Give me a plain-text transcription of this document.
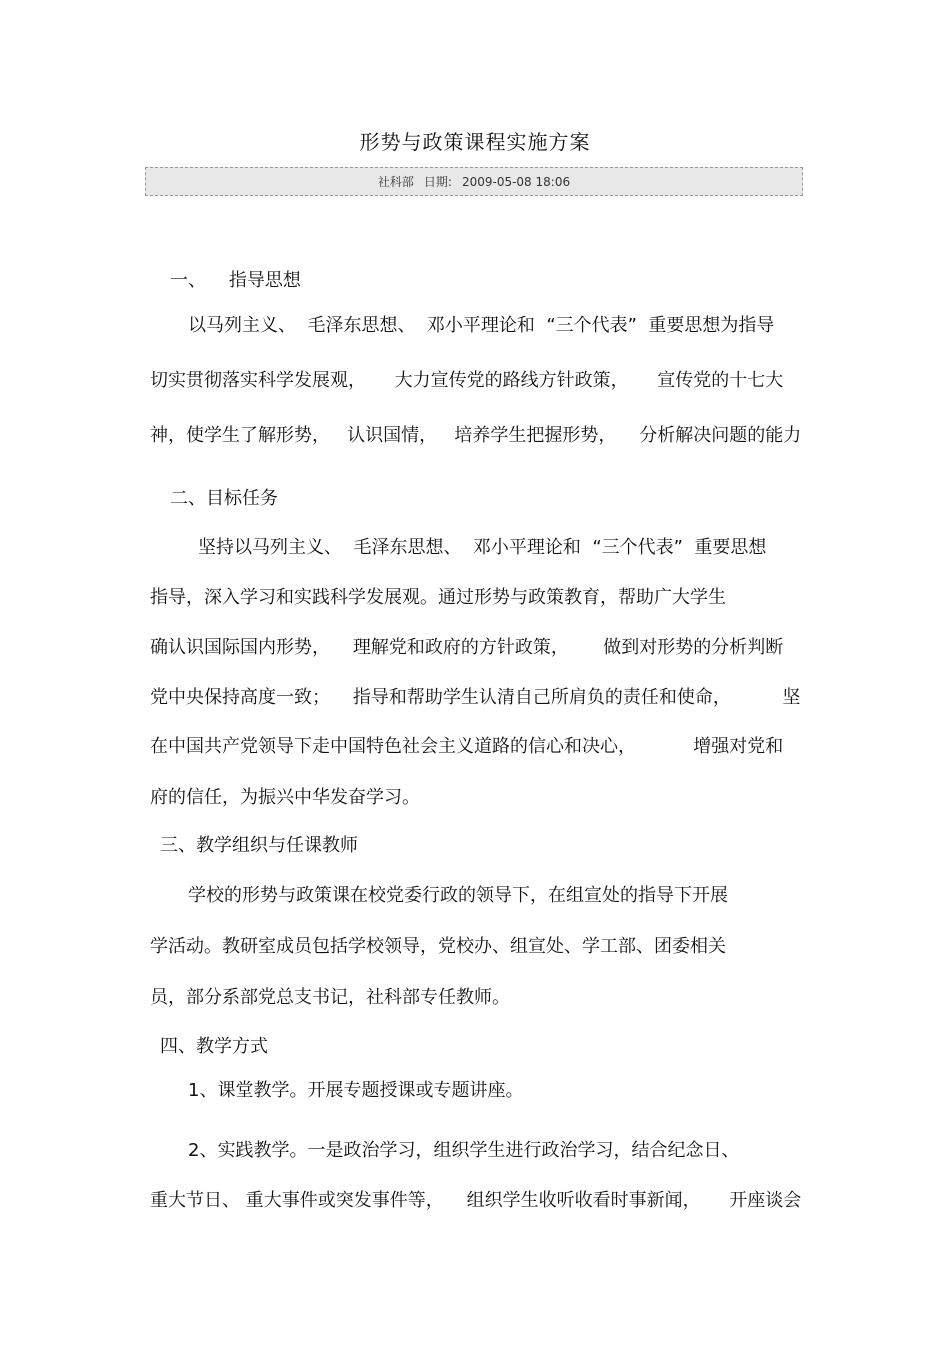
形势与政策课程实施方案
社科部 日期: 2009-05-08 18:06
一、    指导思想
以马列主义、  毛泽东思想、  邓小平理论和  “三个代表”  重要思想为指导
切实贯彻落实科学发展观，     大力宣传党的路线方针政策，     宣传党的十七大
神，使学生了解形势，   认识国情，   培养学生把握形势，    分析解决问题的能力
二、目标任务
坚持以马列主义、  毛泽东思想、  邓小平理论和  “三个代表”  重要思想
指导，深入学习和实践科学发展观。通过形势与政策教育，帮助广大学生
确认识国际国内形势，    理解党和政府的方针政策，      做到对形势的分析判断
党中央保持高度一致；    指导和帮助学生认清自己所肩负的责任和使命，         坚
在中国共产党领导下走中国特色社会主义道路的信心和决心，          增强对党和
府的信任，为振兴中华发奋学习。
三、教学组织与任课教师
学校的形势与政策课在校党委行政的领导下，在组宣处的指导下开展
学活动。教研室成员包括学校领导，党校办、组宣处、学工部、团委相关
员，部分系部党总支书记，社科部专任教师。
四、教学方式
1、课堂教学。开展专题授课或专题讲座。
2、实践教学。一是政治学习，组织学生进行政治学习，结合纪念日、
重大节日、 重大事件或突发事件等，    组织学生收听收看时事新闻，     开座谈会
